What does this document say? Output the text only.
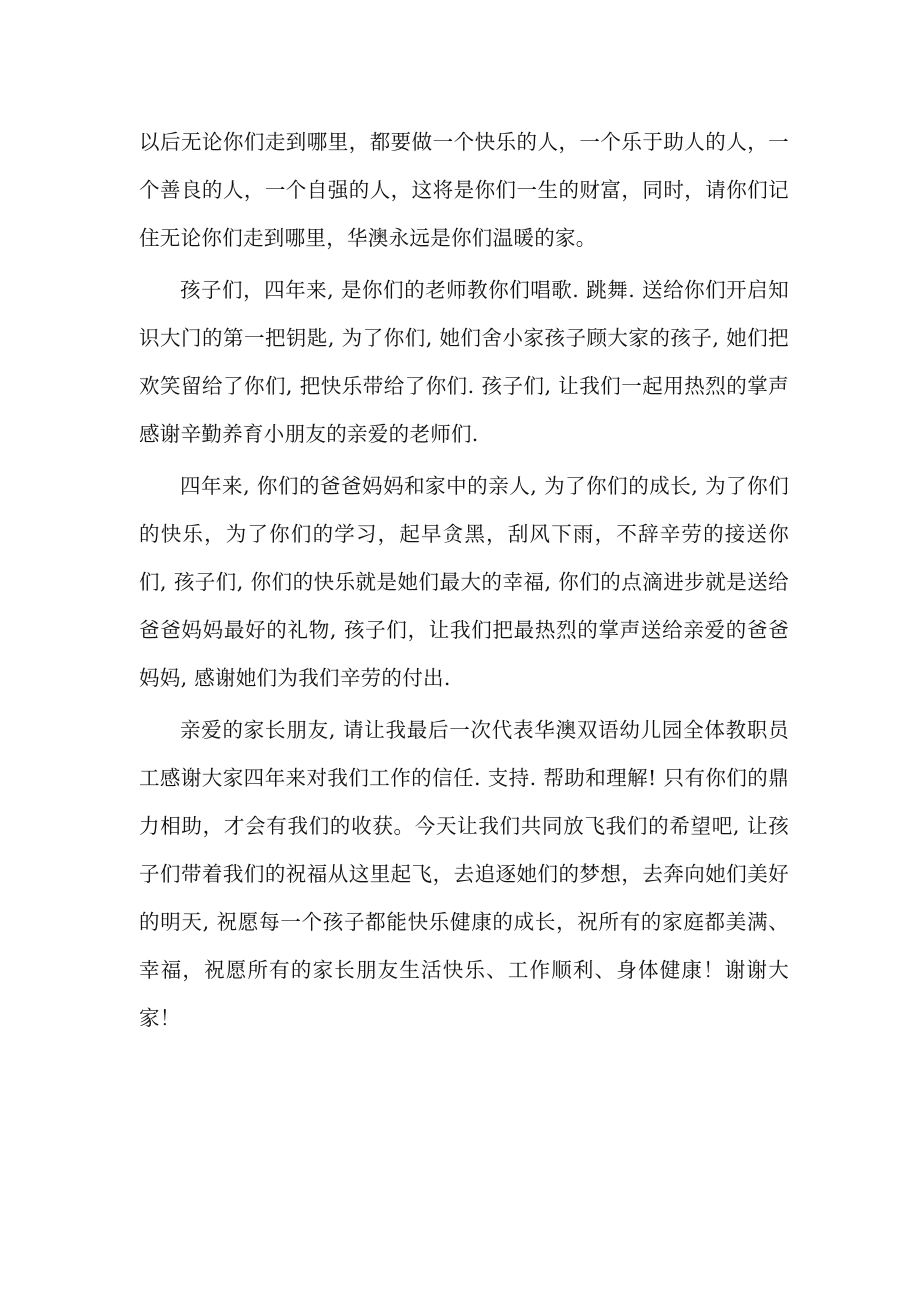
以后无论你们走到哪里，都要做一个快乐的人，一个乐于助人的人，一个善良的人，一个自强的人，这将是你们一生的财富，同时，请你们记住无论你们走到哪里，华澳永远是你们温暖的家。

孩子们，四年来, 是你们的老师教你们唱歌. 跳舞. 送给你们开启知识大门的第一把钥匙, 为了你们, 她们舍小家孩子顾大家的孩子, 她们把欢笑留给了你们, 把快乐带给了你们. 孩子们, 让我们一起用热烈的掌声感谢辛勤养育小朋友的亲爱的老师们.

四年来, 你们的爸爸妈妈和家中的亲人, 为了你们的成长, 为了你们的快乐，为了你们的学习，起早贪黑，刮风下雨，不辞辛劳的接送你们, 孩子们, 你们的快乐就是她们最大的幸福, 你们的点滴进步就是送给爸爸妈妈最好的礼物, 孩子们，让我们把最热烈的掌声送给亲爱的爸爸妈妈, 感谢她们为我们辛劳的付出.

亲爱的家长朋友, 请让我最后一次代表华澳双语幼儿园全体教职员工感谢大家四年来对我们工作的信任. 支持. 帮助和理解! 只有你们的鼎力相助，才会有我们的收获。今天让我们共同放飞我们的希望吧, 让孩子们带着我们的祝福从这里起飞，去追逐她们的梦想，去奔向她们美好的明天, 祝愿每一个孩子都能快乐健康的成长，祝所有的家庭都美满、幸福，祝愿所有的家长朋友生活快乐、工作顺利、身体健康！谢谢大家！
